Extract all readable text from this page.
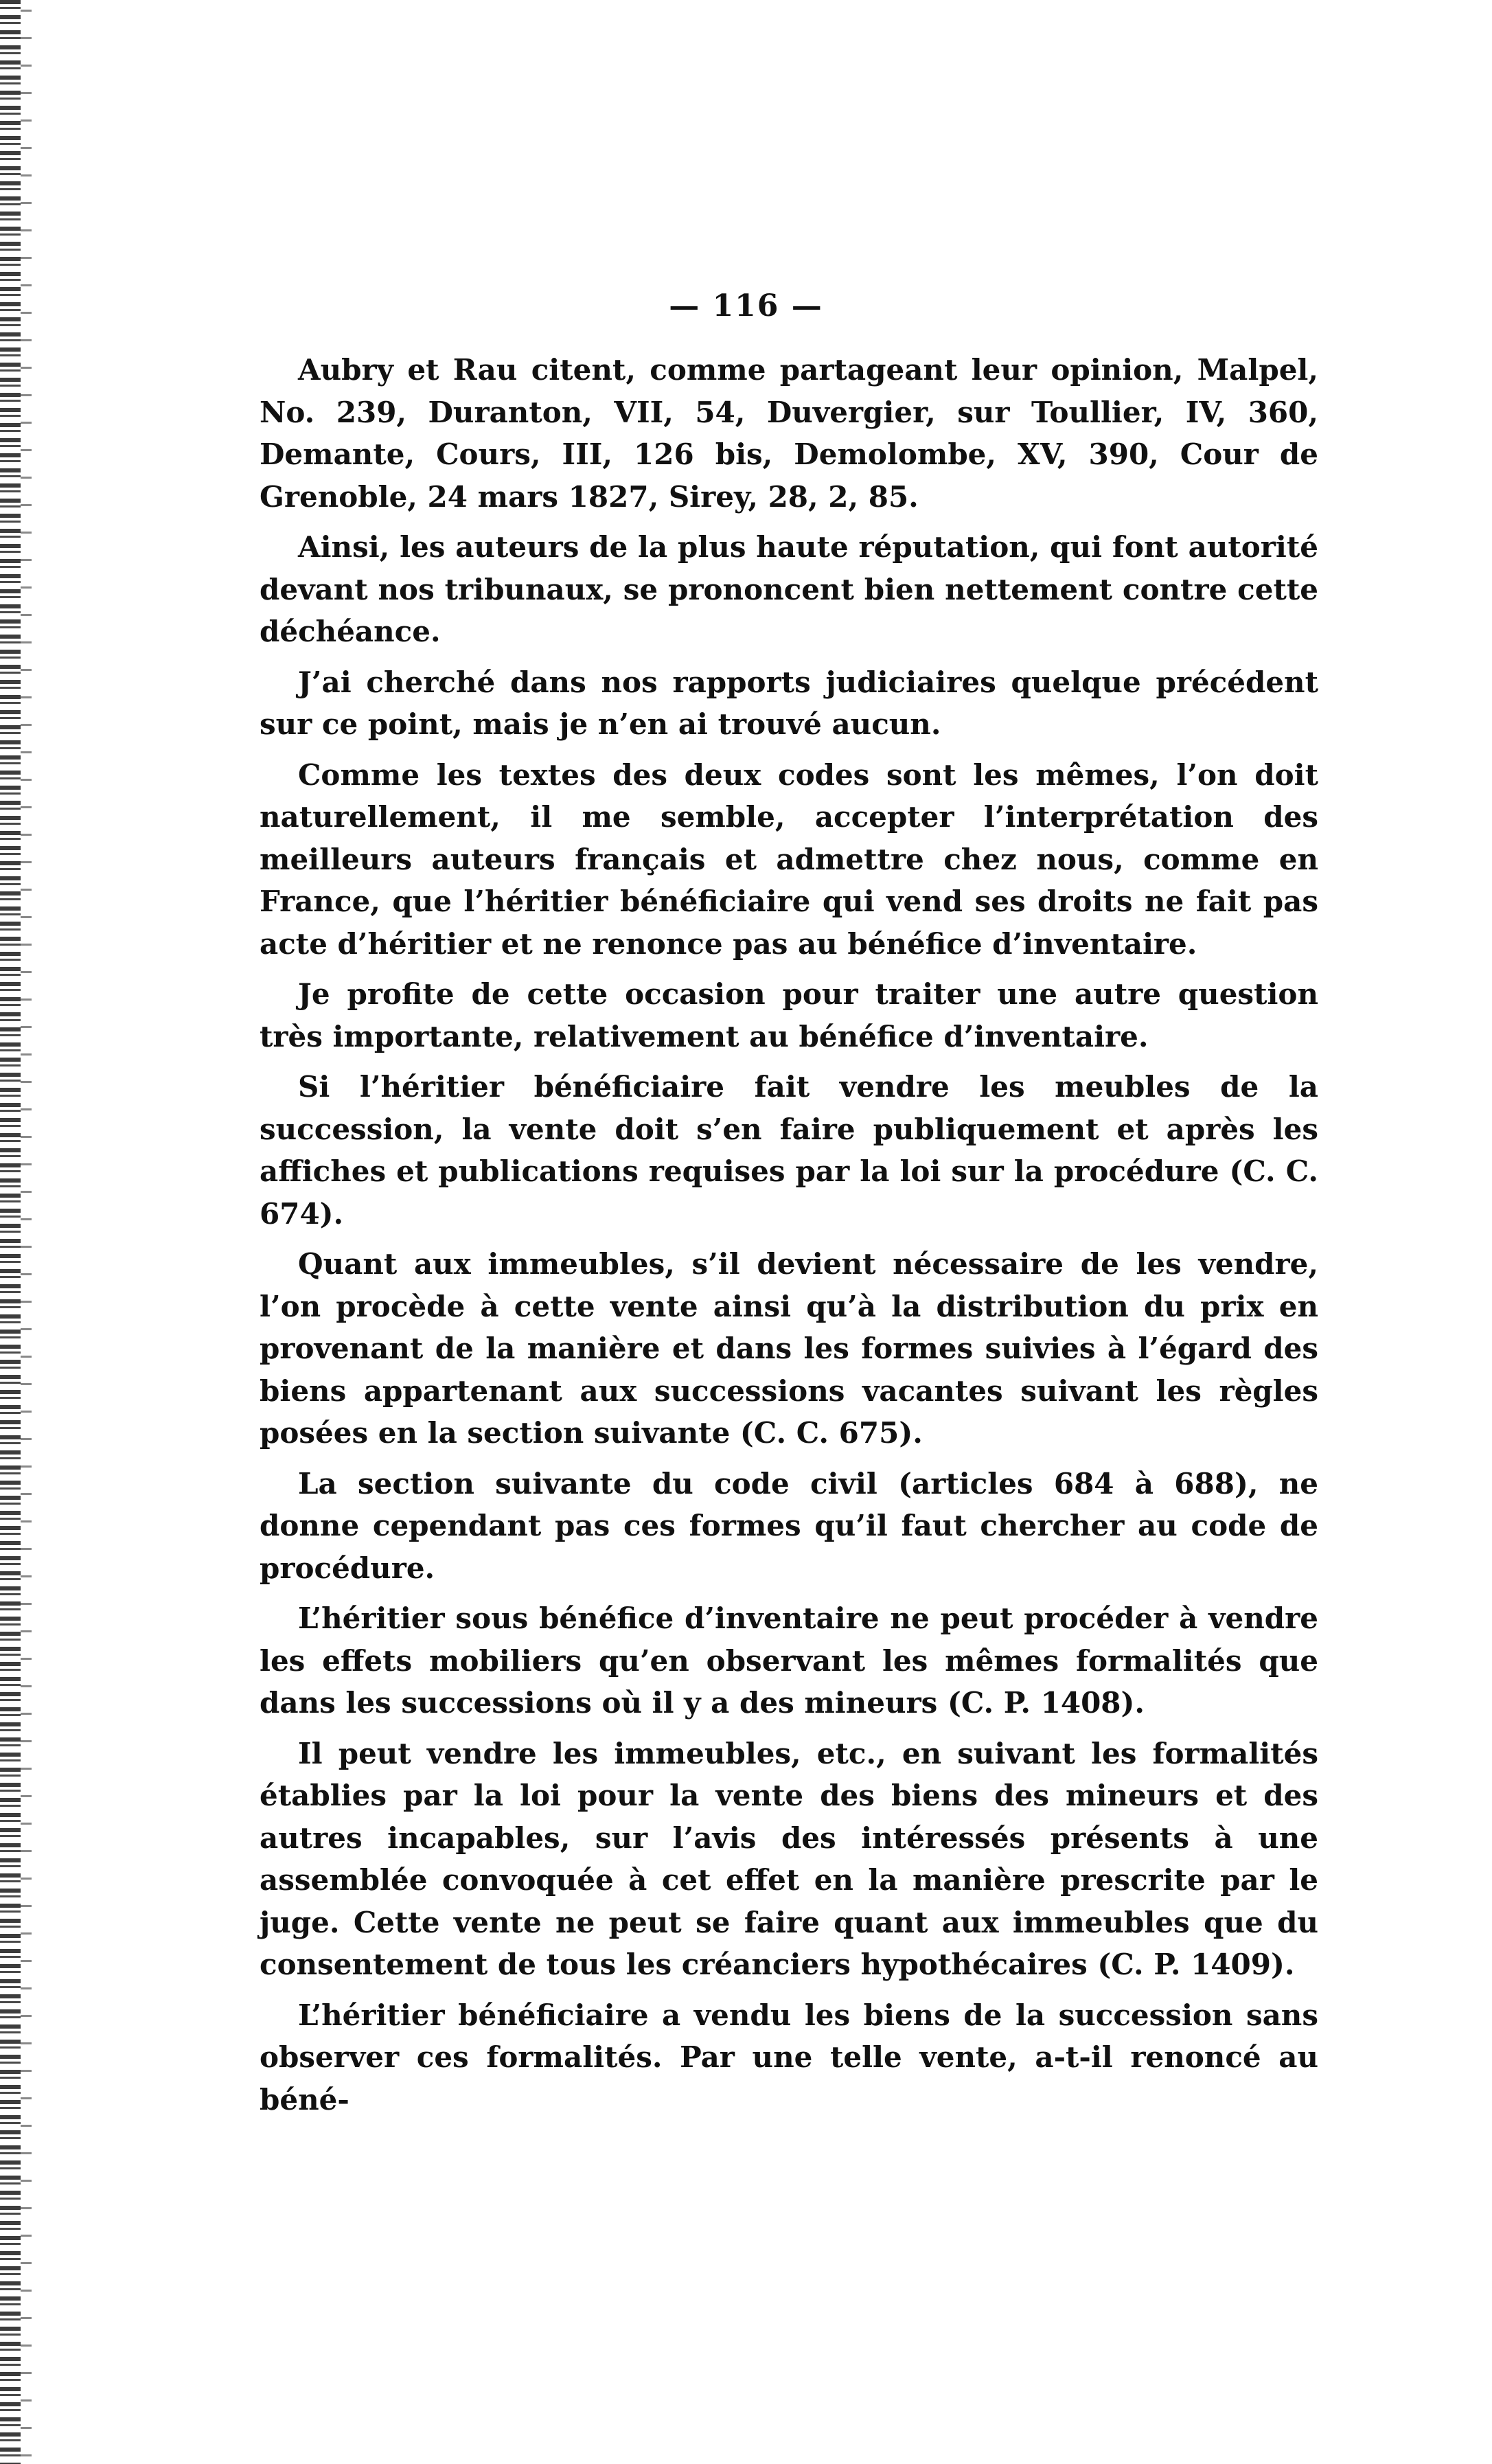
— 116 —

Aubry et Rau citent, comme partageant leur opinion, Malpel, No. 239, Duranton, VII, 54, Duvergier, sur Toullier, IV, 360, Demante, Cours, III, 126 bis, Demolombe, XV, 390, Cour de Grenoble, 24 mars 1827, Sirey, 28, 2, 85.

Ainsi, les auteurs de la plus haute réputation, qui font autorité devant nos tribunaux, se prononcent bien nettement contre cette déchéance.

J’ai cherché dans nos rapports judiciaires quelque précédent sur ce point, mais je n’en ai trouvé aucun.

Comme les textes des deux codes sont les mêmes, l’on doit naturellement, il me semble, accepter l’interprétation des meilleurs auteurs français et admettre chez nous, comme en France, que l’héritier bénéficiaire qui vend ses droits ne fait pas acte d’héritier et ne renonce pas au bénéfice d’inventaire.

Je profite de cette occasion pour traiter une autre question très importante, relativement au bénéfice d’inventaire.

Si l’héritier bénéficiaire fait vendre les meubles de la succession, la vente doit s’en faire publiquement et après les affiches et publications requises par la loi sur la procédure (C. C. 674).

Quant aux immeubles, s’il devient nécessaire de les vendre, l’on procède à cette vente ainsi qu’à la distribution du prix en provenant de la manière et dans les formes suivies à l’égard des biens appartenant aux successions vacantes suivant les règles posées en la section suivante (C. C. 675).

La section suivante du code civil (articles 684 à 688), ne donne cependant pas ces formes qu’il faut chercher au code de procédure.

L’héritier sous bénéfice d’inventaire ne peut procéder à vendre les effets mobiliers qu’en observant les mêmes formalités que dans les successions où il y a des mineurs (C. P. 1408).

Il peut vendre les immeubles, etc., en suivant les formalités établies par la loi pour la vente des biens des mineurs et des autres incapables, sur l’avis des intéressés présents à une assemblée convoquée à cet effet en la manière prescrite par le juge. Cette vente ne peut se faire quant aux immeubles que du consentement de tous les créanciers hypothécaires (C. P. 1409).

L’héritier bénéficiaire a vendu les biens de la succession sans observer ces formalités. Par une telle vente, a-t-il renoncé au béné-
